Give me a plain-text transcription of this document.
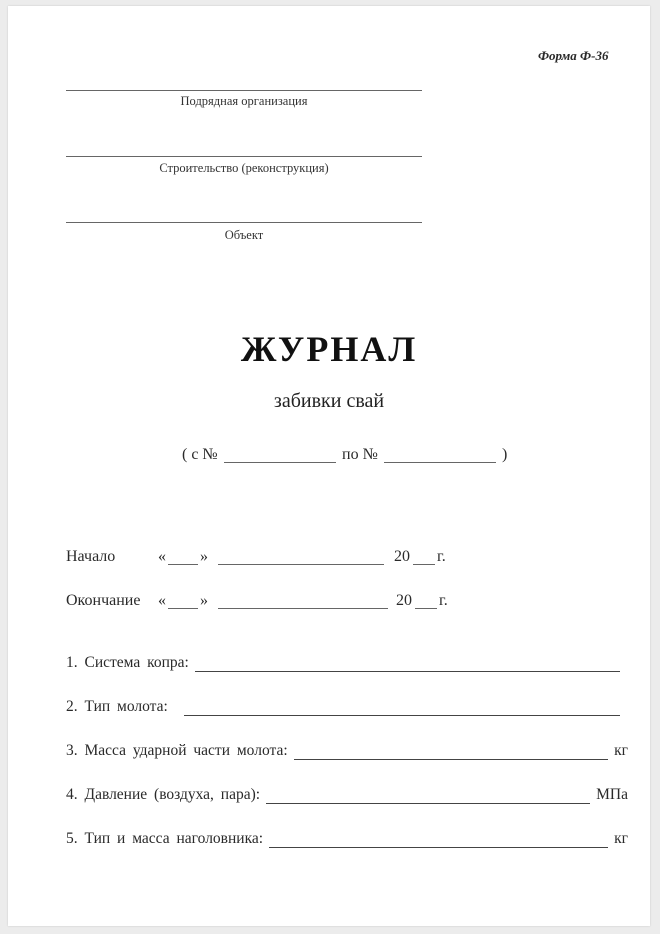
Форма Ф-36
Подрядная организация
Строительство (реконструкция)
Объект
ЖУРНАЛ
забивки свай
( с №	по №	)
Начало	« »	20 г.
Окончание « »	20 г.
1. Система копра:
2. Тип молота:
3. Масса ударной части молота:	кг
4. Давление (воздуха, пара):	МПа
5. Тип и масса наголовника:	кг
